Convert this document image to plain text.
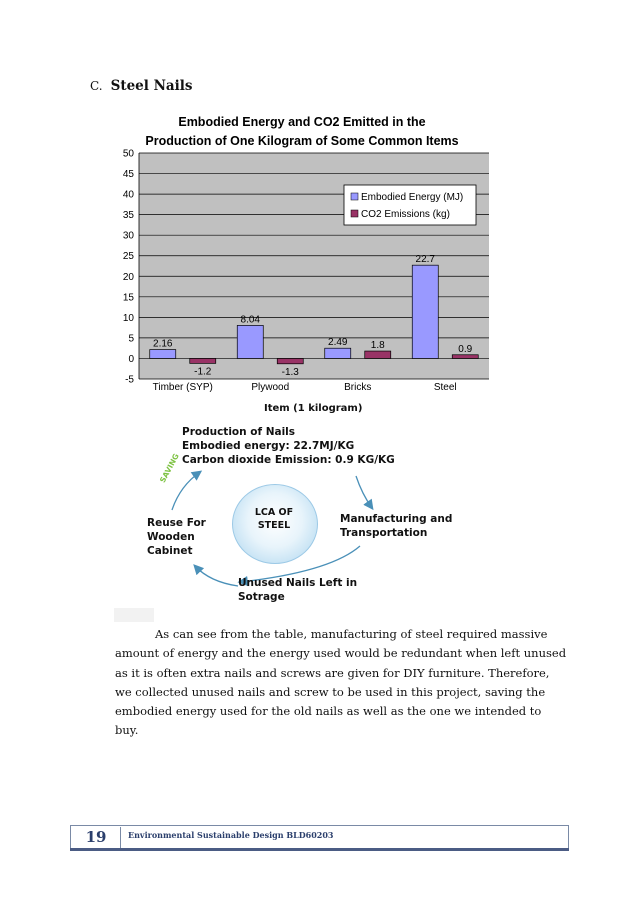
C. Steel Nails
Embodied Energy and CO2 Emitted in the
Production of One Kilogram of Some Common Items
50
45
40
35
30
25
20
15
10
5
0
-5
2.16
-1.2
Timber (SYP)
8.04
-1.3
Plywood
2.49 1.8
Bricks
22.7
0.9
Steel
Embodied Energy (MJ)
CO2 Emissions (kg)
Item (1 kilogram)
Production of Nails
Embodied energy: 22.7MJ/KG
Carbon dioxide Emission: 0.9 KG/KG
LCA OF
STEEL
Manufacturing and
Transportation
Unused Nails Left in
Sotrage
Reuse For
Wooden
Cabinet
SAVING
As can see from the table, manufacturing of steel required massive amount of energy and the energy used would be redundant when left unused as it is often extra nails and screws are given for DIY furniture. Therefore, we collected unused nails and screw to be used in this project, saving the embodied energy used for the old nails as well as the one we intended to buy.
19	Environmental Sustainable Design BLD60203
